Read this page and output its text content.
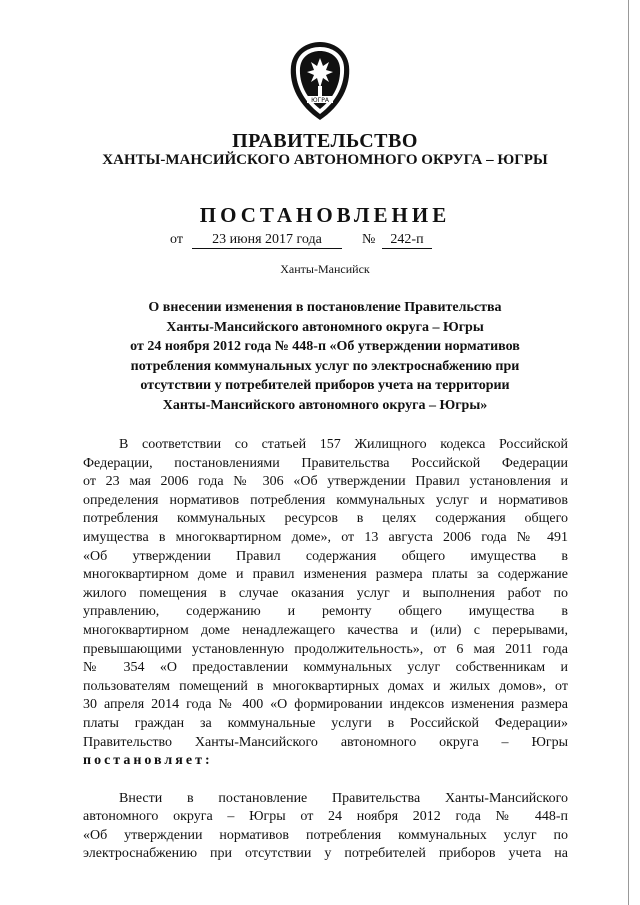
ЮГРА
ПРАВИТЕЛЬСТВО
ХАНТЫ-МАНСИЙСКОГО АВТОНОМНОГО ОКРУГА – ЮГРЫ
ПОСТАНОВЛЕНИЕ
от	23 июня 2017 года	№	242-п
Ханты-Мансийск
О внесении изменения в постановление Правительства
Ханты-Мансийского автономного округа – Югры
от 24 ноября 2012 года № 448-п «Об утверждении нормативов
потребления коммунальных услуг по электроснабжению при
отсутствии у потребителей приборов учета на территории
Ханты-Мансийского автономного округа – Югры»
В соответствии со статьей 157 Жилищного кодекса Российской
Федерации, постановлениями Правительства Российской Федерации
от 23 мая 2006 года № 306 «Об утверждении Правил установления и
определения нормативов потребления коммунальных услуг и нормативов
потребления коммунальных ресурсов в целях содержания общего
имущества в многоквартирном доме», от 13 августа 2006 года № 491
«Об утверждении Правил содержания общего имущества в
многоквартирном доме и правил изменения размера платы за содержание
жилого помещения в случае оказания услуг и выполнения работ по
управлению, содержанию и ремонту общего имущества в
многоквартирном доме ненадлежащего качества и (или) с перерывами,
превышающими установленную продолжительность», от 6 мая 2011 года
№ 354 «О предоставлении коммунальных услуг собственникам и
пользователям помещений в многоквартирных домах и жилых домов», от
30 апреля 2014 года № 400 «О формировании индексов изменения размера
платы граждан за коммунальные услуги в Российской Федерации»
Правительство Ханты-Мансийского автономного округа – Югры
постановляет:
Внести в постановление Правительства Ханты-Мансийского
автономного округа – Югры от 24 ноября 2012 года № 448-п
«Об утверждении нормативов потребления коммунальных услуг по
электроснабжению при отсутствии у потребителей приборов учета на
